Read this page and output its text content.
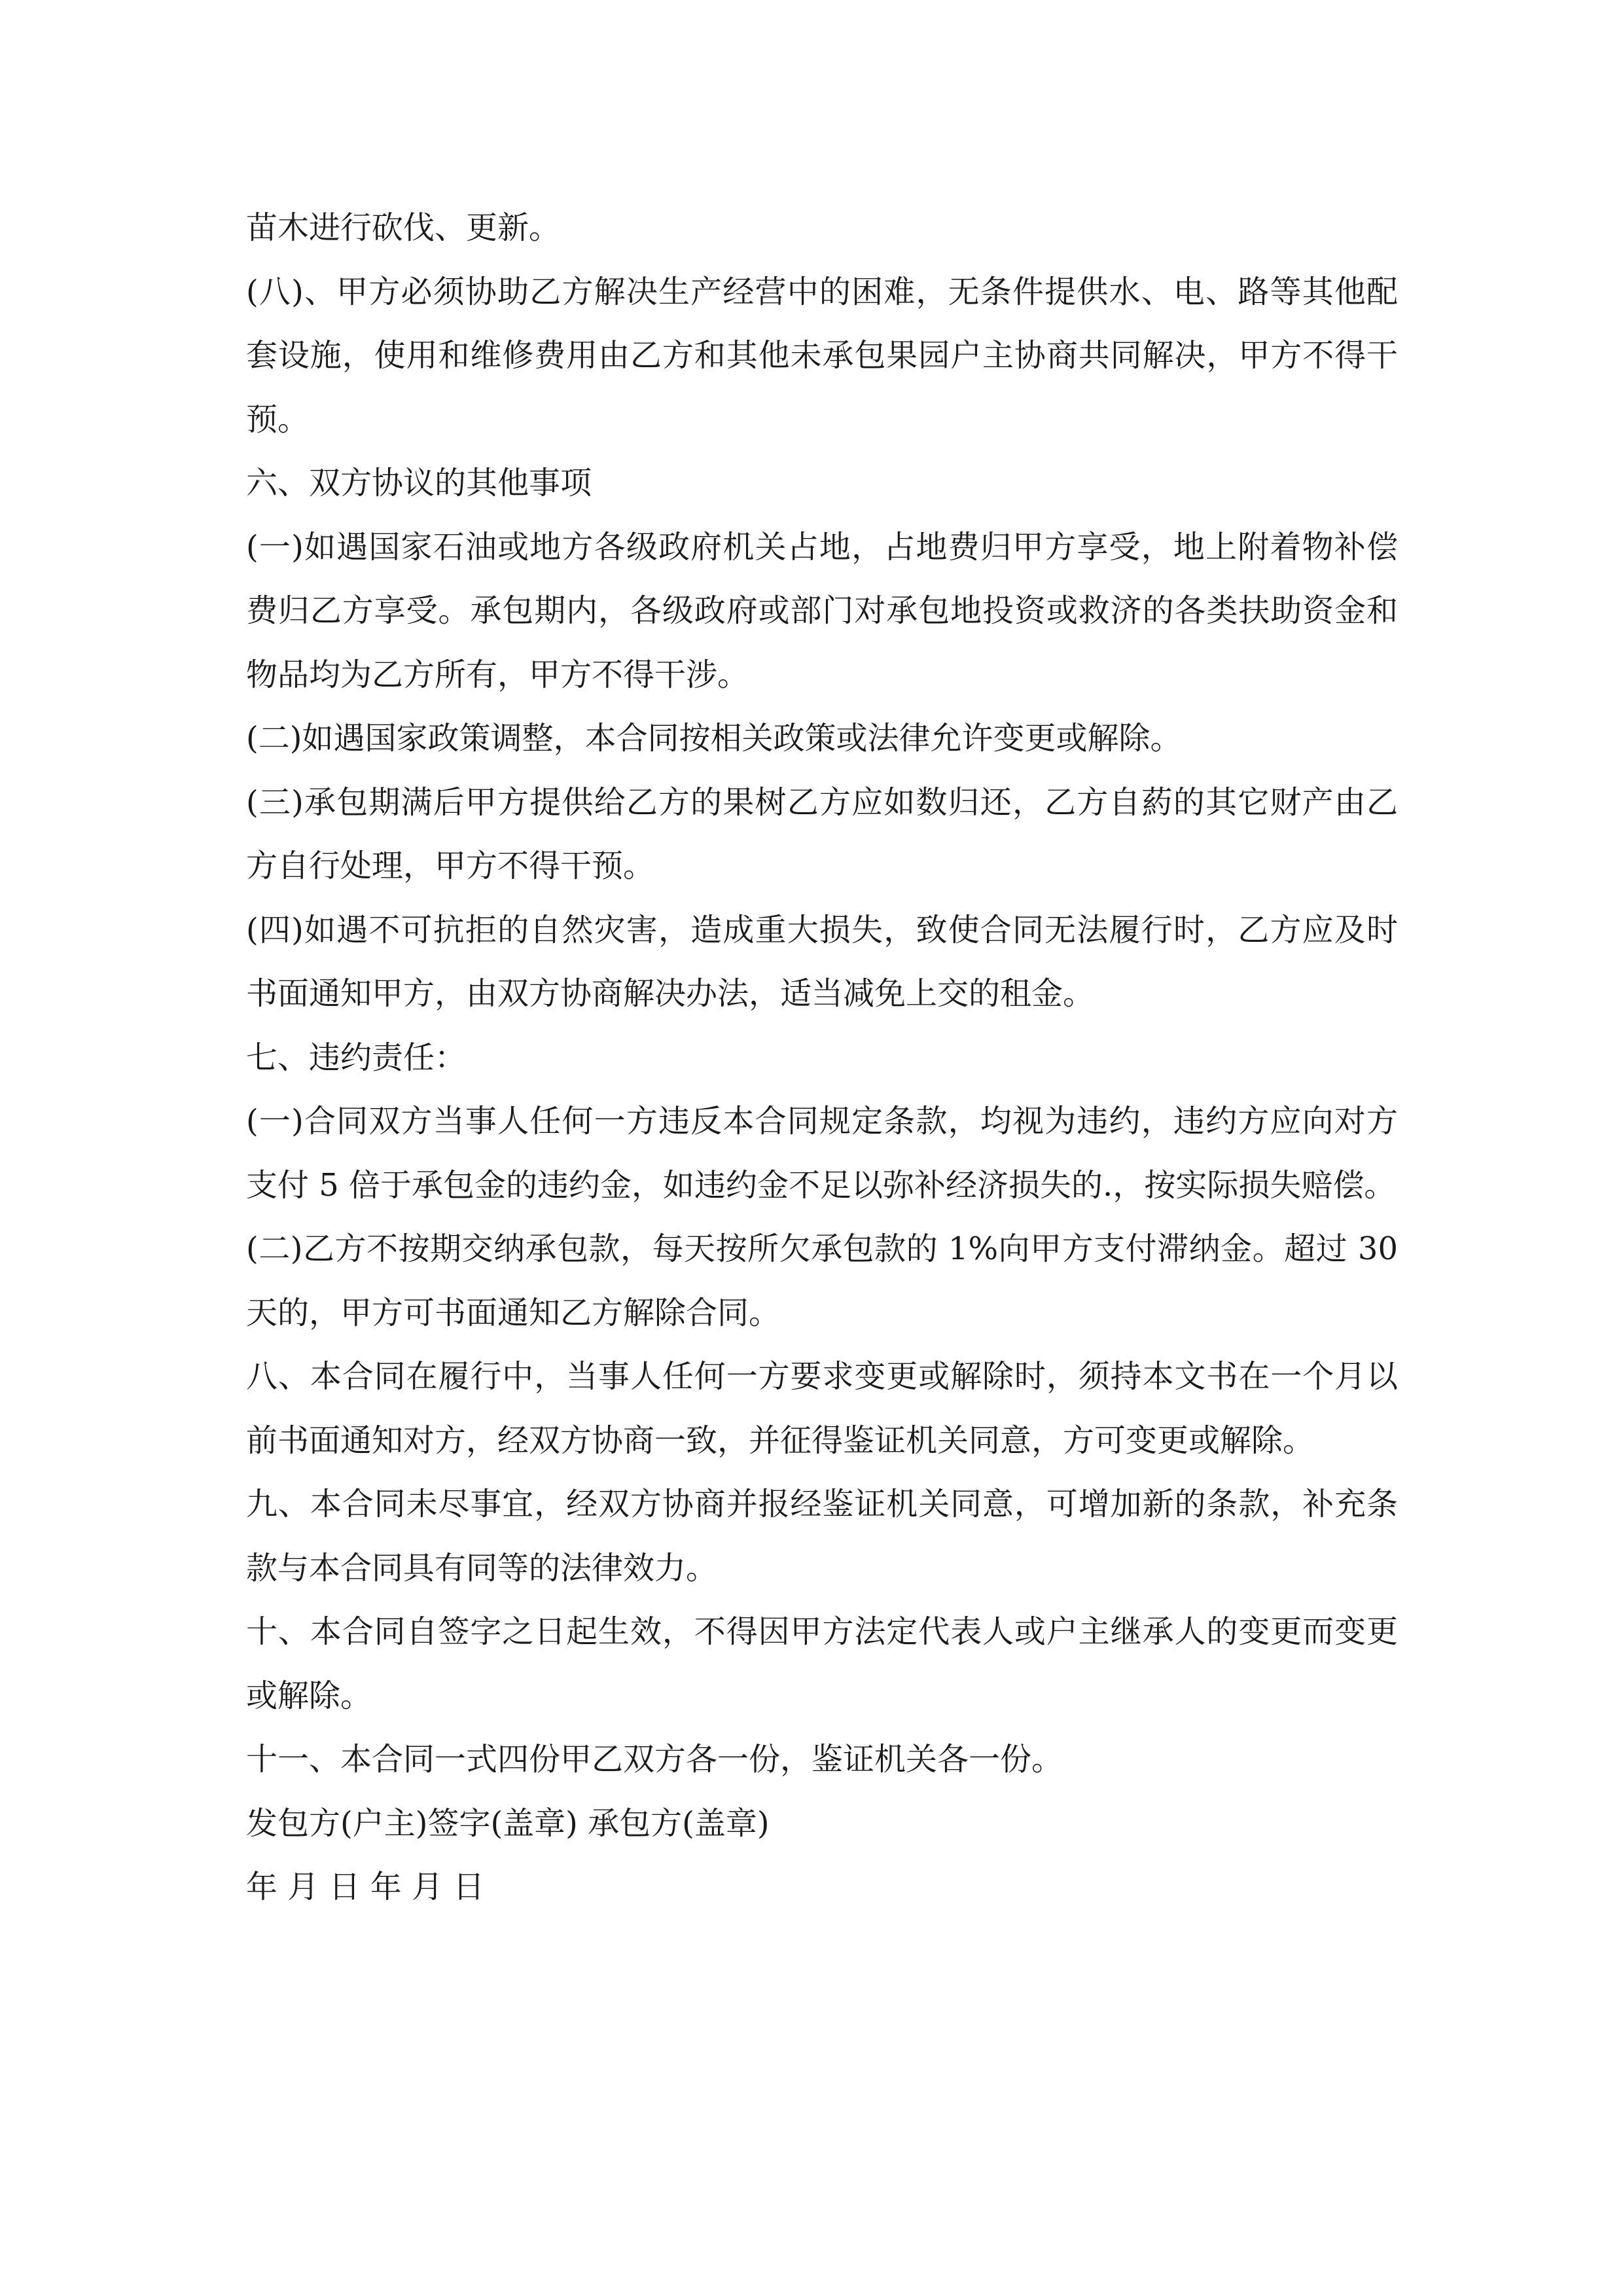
苗木进行砍伐、更新。

(八)、甲方必须协助乙方解决生产经营中的困难，无条件提供水、电、路等其他配套设施，使用和维修费用由乙方和其他未承包果园户主协商共同解决，甲方不得干预。

六、双方协议的其他事项

(一)如遇国家石油或地方各级政府机关占地，占地费归甲方享受，地上附着物补偿费归乙方享受。承包期内，各级政府或部门对承包地投资或救济的各类扶助资金和物品均为乙方所有，甲方不得干涉。

(二)如遇国家政策调整，本合同按相关政策或法律允许变更或解除。

(三)承包期满后甲方提供给乙方的果树乙方应如数归还，乙方自葯的其它财产由乙方自行处理，甲方不得干预。

(四)如遇不可抗拒的自然灾害，造成重大损失，致使合同无法履行时，乙方应及时书面通知甲方，由双方协商解决办法，适当减免上交的租金。

七、违约责任：

(一)合同双方当事人任何一方违反本合同规定条款，均视为违约，违约方应向对方支付 5 倍于承包金的违约金，如违约金不足以弥补经济损失的.，按实际损失赔偿。

(二)乙方不按期交纳承包款，每天按所欠承包款的 1%向甲方支付滞纳金。超过 30 天的，甲方可书面通知乙方解除合同。

八、本合同在履行中，当事人任何一方要求变更或解除时，须持本文书在一个月以前书面通知对方，经双方协商一致，并征得鉴证机关同意，方可变更或解除。

九、本合同未尽事宜，经双方协商并报经鉴证机关同意，可增加新的条款，补充条款与本合同具有同等的法律效力。

十、本合同自签字之日起生效，不得因甲方法定代表人或户主继承人的变更而变更或解除。

十一、本合同一式四份甲乙双方各一份，鉴证机关各一份。

发包方(户主)签字(盖章) 承包方(盖章)

年 月 日 年 月 日
